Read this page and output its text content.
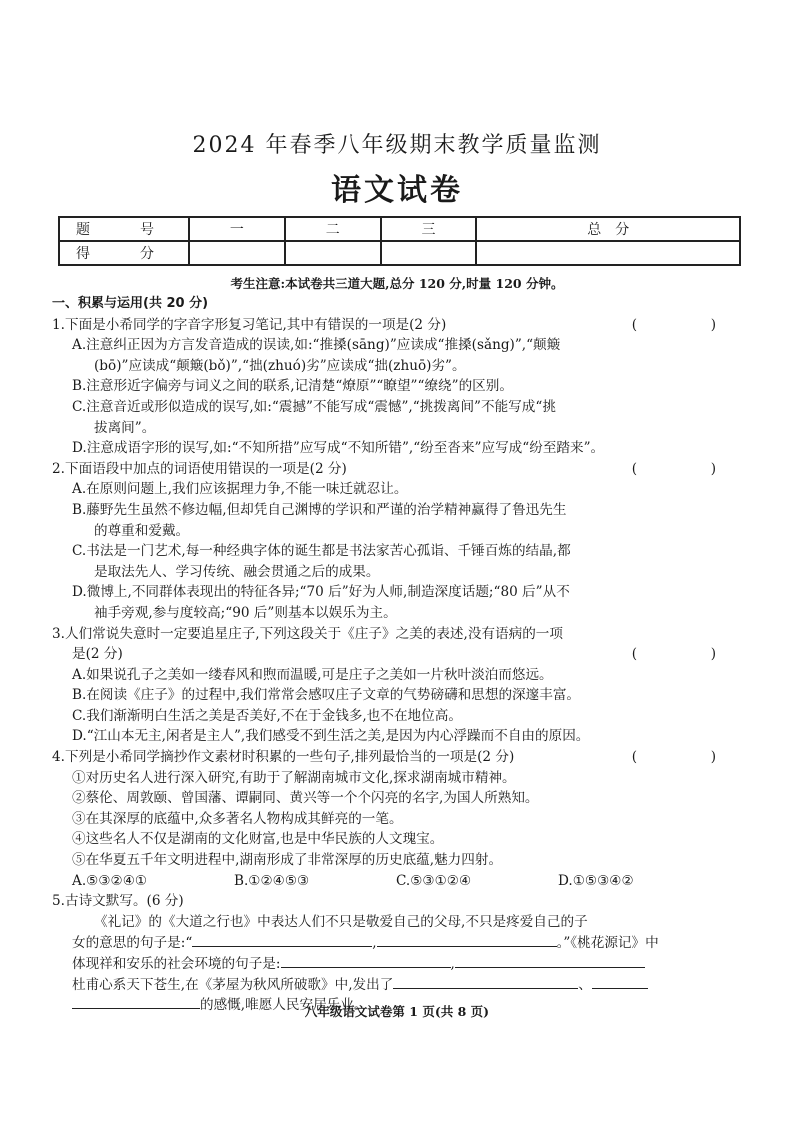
2024 年春季八年级期末教学质量监测
语文试卷
题　号	一	二	三	总　分
得　分				
考生注意:本试卷共三道大题,总分 120 分,时量 120 分钟。
一、积累与运用(共 20 分)
1.下面是小希同学的字音字形复习笔记,其中有错误的一项是(2 分)	(　)
A.注意纠正因为方言发音造成的误读,如:“推搡(sāng)”应读成“推搡(sǎng)”,“颠簸
(bō)”应读成“颠簸(bǒ)”,“拙(zhuó)劣”应读成“拙(zhuō)劣”。
B.注意形近字偏旁与词义之间的联系,记清楚“燎原”“瞭望”“缭绕”的区别。
C.注意音近或形似造成的误写,如:“震撼”不能写成“震憾”,“挑拨离间”不能写成“挑
拔离间”。
D.注意成语字形的误写,如:“不知所措”应写成“不知所错”,“纷至沓来”应写成“纷至踏来”。
2.下面语段中加点的词语使用错误的一项是(2 分)	(　)
A.在原则问题上,我们应该据理力争,不能一味迁就忍让。
B.藤野先生虽然不修边幅,但却凭自己渊博的学识和严谨的治学精神赢得了鲁迅先生
的尊重和爱戴。
C.书法是一门艺术,每一种经典字体的诞生都是书法家苦心孤诣、千锤百炼的结晶,都
是取法先人、学习传统、融会贯通之后的成果。
D.微博上,不同群体表现出的特征各异;“70 后”好为人师,制造深度话题;“80 后”从不
袖手旁观,参与度较高;“90 后”则基本以娱乐为主。
3.人们常说失意时一定要追星庄子,下列这段关于《庄子》之美的表述,没有语病的一项
是(2 分)	(　)
A.如果说孔子之美如一缕春风和煦而温暖,可是庄子之美如一片秋叶淡泊而悠远。
B.在阅读《庄子》的过程中,我们常常会感叹庄子文章的气势磅礴和思想的深邃丰富。
C.我们渐渐明白生活之美是否美好,不在于金钱多,也不在地位高。
D.“江山本无主,闲者是主人”,我们感受不到生活之美,是因为内心浮躁而不自由的原因。
4.下列是小希同学摘抄作文素材时积累的一些句子,排列最恰当的一项是(2 分)	(　)
①对历史名人进行深入研究,有助于了解湖南城市文化,探求湖南城市精神。
②蔡伦、周敦颐、曾国藩、谭嗣同、黄兴等一个个闪亮的名字,为国人所熟知。
③在其深厚的底蕴中,众多著名人物构成其鲜亮的一笔。
④这些名人不仅是湖南的文化财富,也是中华民族的人文瑰宝。
⑤在华夏五千年文明进程中,湖南形成了非常深厚的历史底蕴,魅力四射。
A.⑤③②④①	B.①②④⑤③	C.⑤③①②④	D.①⑤③④②
5.古诗文默写。(6 分)
《礼记》的《大道之行也》中表达人们不只是敬爱自己的父母,不只是疼爱自己的子
女的意思的句子是:“	,	。”《桃花源记》中
体现祥和安乐的社会环境的句子是:	,
杜甫心系天下苍生,在《茅屋为秋风所破歌》中,发出了	、
的感慨,唯愿人民安居乐业。
八年级语文试卷第 1 页(共 8 页)
